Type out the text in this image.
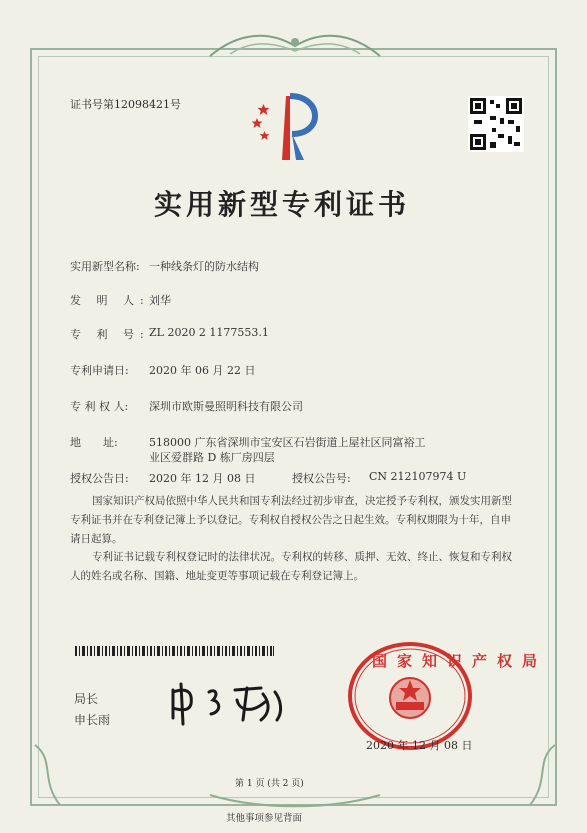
证书号第12098421号
实用新型专利证书
实用新型名称: 一种线条灯的防水结构
发 明 人: 刘华
专 利 号: ZL 2020 2 1177553.1
专利申请日: 2020 年 06 月 22 日
专 利 权 人: 深圳市欧斯曼照明科技有限公司
地　　址:	518000 广东省深圳市宝安区石岩街道上屋社区同富裕工
业区爱群路 D 栋厂房四层
授权公告日: 2020 年 12 月 08 日	授权公告号: CN 212107974 U
国家知识产权局依照中华人民共和国专利法经过初步审查，决定授予专利权，颁发实用新型专利证书并在专利登记簿上予以登记。专利权自授权公告之日起生效。专利权期限为十年，自申请日起算。
专利证书记载专利权登记时的法律状况。专利权的转移、质押、无效、终止、恢复和专利权人的姓名或名称、国籍、地址变更等事项记载在专利登记簿上。
局长
申长雨
国家知识产权局
2020 年 12 月 08 日
第 1 页 (共 2 页)
其他事项参见背面
